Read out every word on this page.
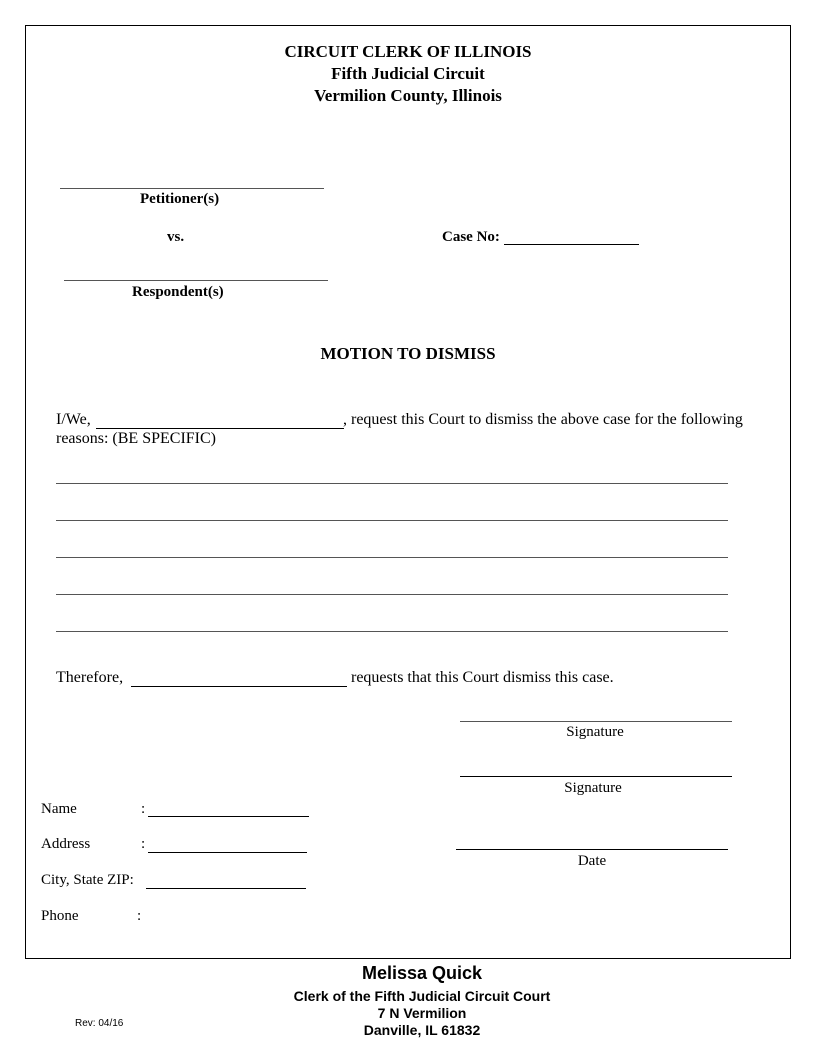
CIRCUIT CLERK OF ILLINOIS
Fifth Judicial Circuit
Vermilion County, Illinois
Petitioner(s)
vs.	Case No:
Respondent(s)
MOTION TO DISMISS
I/We,	, request this Court to dismiss the above case for the following
reasons: (BE SPECIFIC)
Therefore,	requests that this Court dismiss this case.
Signature
Signature
Date
Name	:
Address	:
City, State ZIP:
Phone	:
Melissa Quick
Clerk of the Fifth Judicial Circuit Court
7 N Vermilion
Danville, IL 61832
Rev: 04/16
